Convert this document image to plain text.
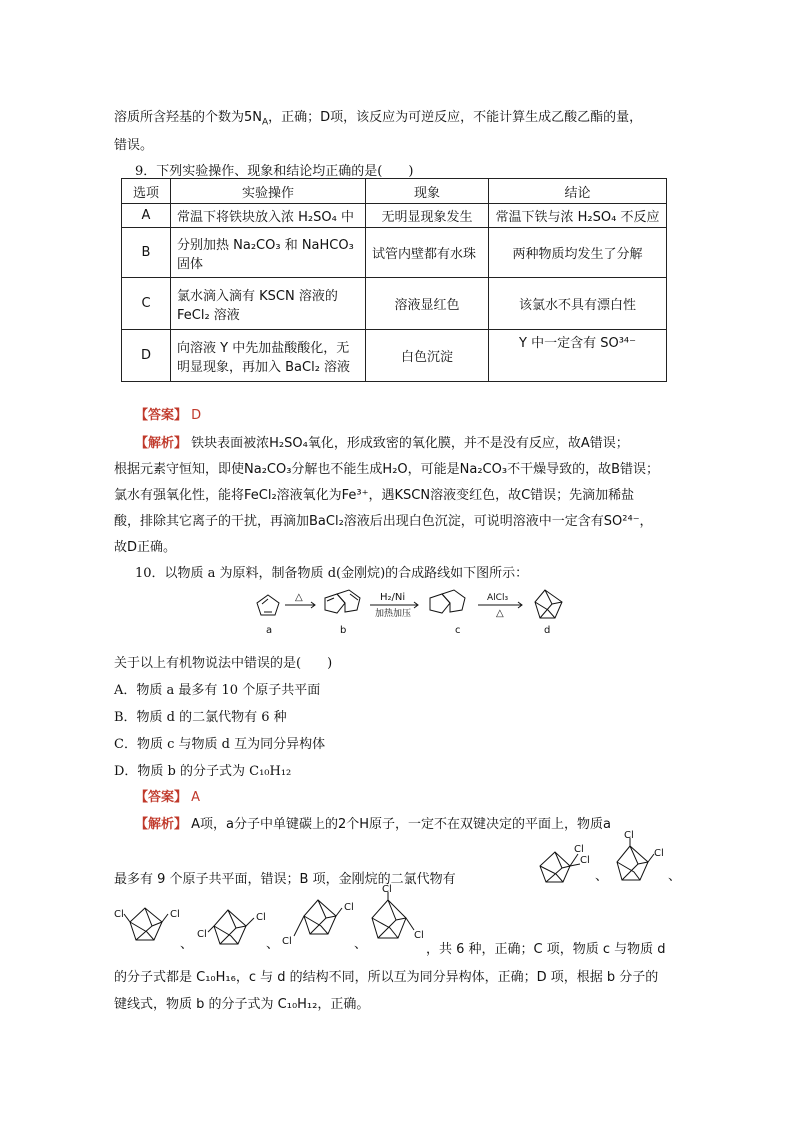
溶质所含羟基的个数为$5N_A$，正确；D项，该反应为可逆反应，不能计算生成乙酸乙酯的量，
错误。
9．下列实验操作、现象和结论均正确的是(　　)
选项	实验操作	现象	结论
A	常温下将铁块放入浓 H₂SO₄ 中	无明显现象发生	常温下铁与浓 H₂SO₄ 不反应
B	分别加热 Na₂CO₃ 和 NaHCO₃ 固体	试管内壁都有水珠	两种物质均发生了分解
C	氯水滴入滴有 KSCN 溶液的 FeCl₂ 溶液	溶液显红色	该氯水不具有漂白性
D	向溶液 Y 中先加盐酸酸化，无明显现象，再加入 BaCl₂ 溶液	白色沉淀	Y 中一定含有 SO³⁴⁻
【答案】 D
【解析】 铁块表面被浓H₂SO₄氧化，形成致密的氧化膜，并不是没有反应，故A错误；
根据元素守恒知，即使Na₂CO₃分解也不能生成H₂O，可能是Na₂CO₃不干燥导致的，故B错误；
氯水有强氧化性，能将FeCl₂溶液氧化为Fe³⁺，遇KSCN溶液变红色，故C错误；先滴加稀盐
酸，排除其它离子的干扰，再滴加BaCl₂溶液后出现白色沉淀，可说明溶液中一定含有SO²⁴⁻，
故D正确。
10．以物质 a 为原料，制备物质 d(金刚烷)的合成路线如下图所示：
a
△
b
H₂/Ni
加热加压
c
AlCl₃
△
d
关于以上有机物说法中错误的是(　　)
A．物质 a 最多有 10 个原子共平面
B．物质 d 的二氯代物有 6 种
C．物质 c 与物质 d 互为同分异构体
D．物质 b 的分子式为 C₁₀H₁₂
【答案】 A
【解析】 A项，a分子中单键碳上的2个H原子，一定不在双键决定的平面上，物质a
最多有 9 个原子共平面，错误；B 项，金刚烷的二氯代物有
Cl
Cl
、
Cl
Cl
、
Cl	Cl
、
Cl
Cl
、
Cl
Cl	、
Cl
Cl
，共 6 种，正确；C 项，物质 c 与物质 d
的分子式都是 C₁₀H₁₆，c 与 d 的结构不同，所以互为同分异构体，正确；D 项，根据 b 分子的
键线式，物质 b 的分子式为 C₁₀H₁₂，正确。
